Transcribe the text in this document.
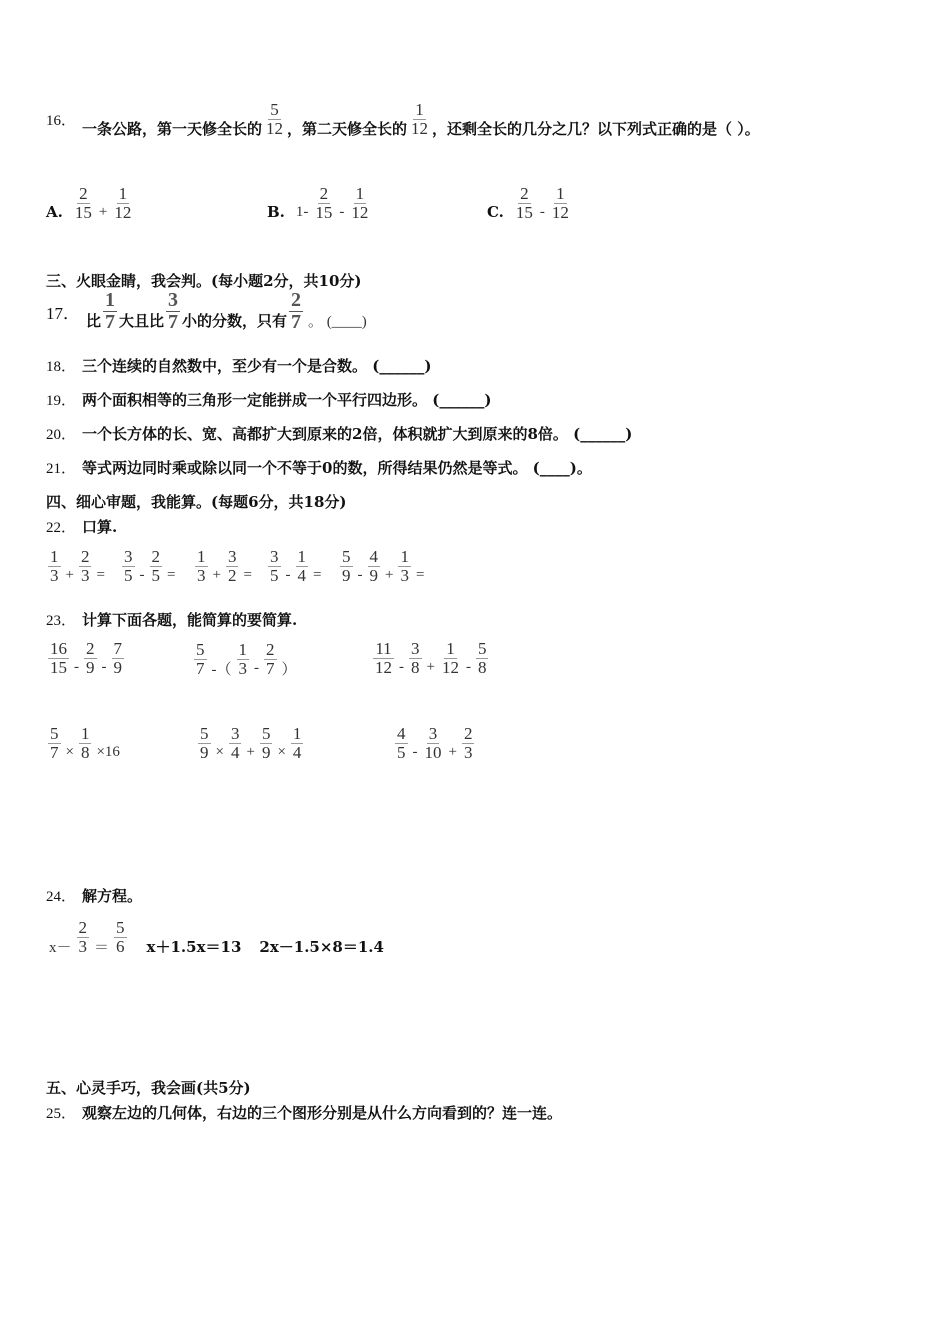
16． 一条公路，第一天修全长的 $\frac{5}{12}$ ，第二天修全长的 $\frac{1}{12}$ ，还剩全长的几分之几？以下列式正确的是（ ）。
A. $\frac{2}{15} + \frac{1}{12}$	B. $1- \frac{2}{15} - \frac{1}{12}$	C. $\frac{2}{15} - \frac{1}{12}$
三、火眼金睛，我会判。(每小题2分，共10分)
17． 比 $\frac{1}{7}$ 大且比 $\frac{3}{7}$ 小的分数，只有 $\frac{2}{7}$ 。 (____)
18． 三个连续的自然数中，至少有一个是合数。 (______)
19． 两个面积相等的三角形一定能拼成一个平行四边形。 (______)
20． 一个长方体的长、宽、高都扩大到原来的2倍，体积就扩大到原来的8倍。 (______)
21． 等式两边同时乘或除以同一个不等于0的数，所得结果仍然是等式。 (____)。
四、细心审题，我能算。(每题6分，共18分)
22． 口算.
$\frac{1}{3} + \frac{2}{3} = \frac{3}{5} - \frac{2}{5} = \frac{1}{3} + \frac{3}{2} = \frac{3}{5} - \frac{1}{4} = \frac{5}{9} - \frac{4}{9} + \frac{1}{3}$ =
23． 计算下面各题，能简算的要简算.
$\frac{16}{15} - \frac{2}{9} - \frac{7}{9}$	$\frac{5}{7}$ -（ $\frac{1}{3} - \frac{2}{7}$ ）	$\frac{11}{12} - \frac{3}{8} + \frac{1}{12} - \frac{5}{8}$
$\frac{5}{7} \times \frac{1}{8} \times 16$	$\frac{5}{9} \times \frac{3}{4} + \frac{5}{9} \times \frac{1}{4}$	$\frac{4}{5} - \frac{3}{10} + \frac{2}{3}$
24． 解方程。
$x- \frac{2}{3} = \frac{5}{6} x+1.5x=13$ 2x－1.5×8＝1.4
五、心灵手巧，我会画(共5分)
25． 观察左边的几何体，右边的三个图形分别是从什么方向看到的？连一连。
